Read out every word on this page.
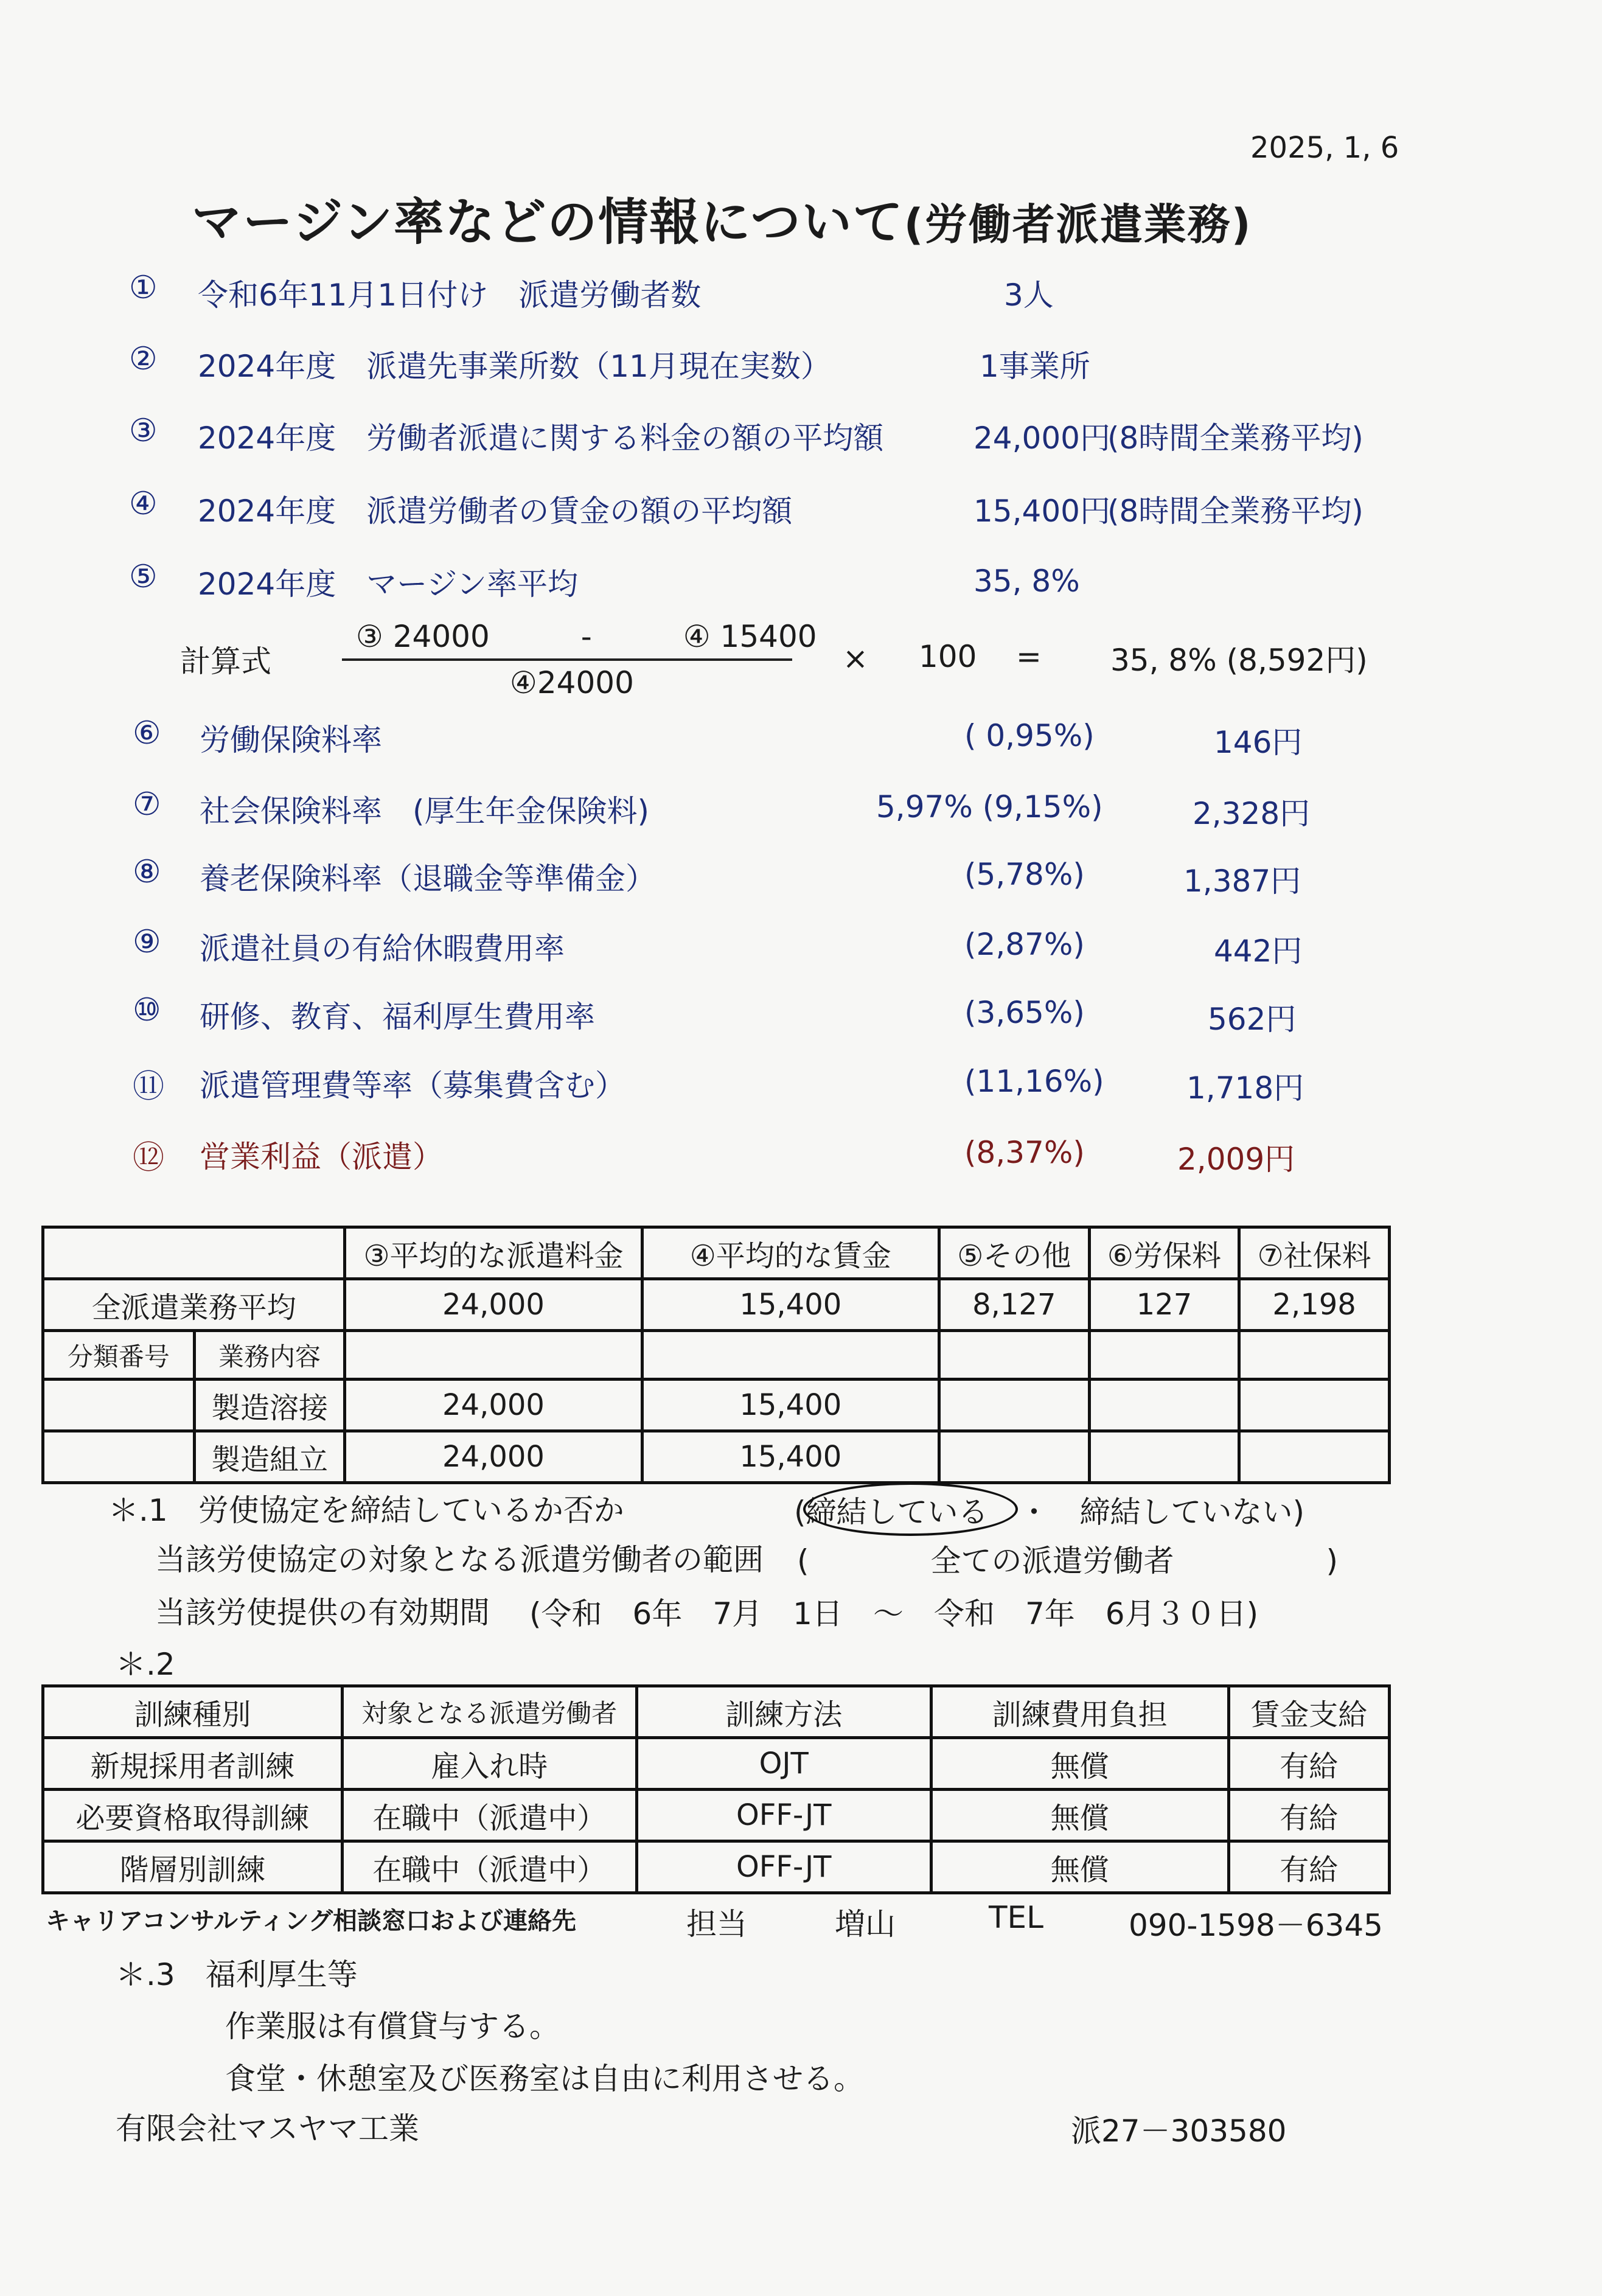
2025, 1, 6
マージン率などの情報について(労働者派遣業務)
① 令和6年11月1日付け　派遣労働者数	3人
② 2024年度　派遣先事業所数（11月現在実数）	1事業所
③ 2024年度　労働者派遣に関する料金の額の平均額	24,000円
(8時間全業務平均)
④ 2024年度　派遣労働者の賃金の額の平均額	15,400円
(8時間全業務平均)
⑤ 2024年度　マージン率平均	35, 8%
計算式
③ 24000　　　-　　　④ 15400
④24000
× 100 = 35, 8% (8,592円)
⑥ 労働保険料率	( 0,95%)	146円
⑦ 社会保険料率　(厚生年金保険料)	5,97% (9,15%)	2,328円
⑧ 養老保険料率（退職金等準備金）	(5,78%)	1,387円
⑨ 派遣社員の有給休暇費用率	(2,87%)	442円
⑩ 研修、教育、福利厚生費用率	(3,65%)	562円
⑪ 派遣管理費等率（募集費含む）	(11,16%)	1,718円
⑫ 営業利益（派遣）	(8,37%)	2,009円
		③平均的な派遣料金	④平均的な賃金	⑤その他	⑥労保料	⑦社保料
全派遣業務平均		24,000	15,400	8,127	127	2,198
分類番号	業務内容					
	製造溶接	24,000	15,400			
	製造組立	24,000	15,400			
＊.1　労使協定を締結しているか否か	(締結している　・　締結していない)
当該労使協定の対象となる派遣労働者の範囲 (　　　　全ての派遣労働者　　　　　)
当該労使提供の有効期間 (令和　6年　7月　1日　～　令和　7年　6月３０日)
＊.2
訓練種別	対象となる派遣労働者	訓練方法	訓練費用負担	賃金支給
新規採用者訓練	雇入れ時	OJT	無償	有給
必要資格取得訓練	在職中（派遣中）	OFF-JT	無償	有給
階層別訓練	在職中（派遣中）	OFF-JT	無償	有給
キャリアコンサルティング相談窓口および連絡先	担当	増山	TEL	090-1598－6345
＊.3　福利厚生等
作業服は有償貸与する。
食堂・休憩室及び医務室は自由に利用させる。
有限会社マスヤマ工業	派27－303580
